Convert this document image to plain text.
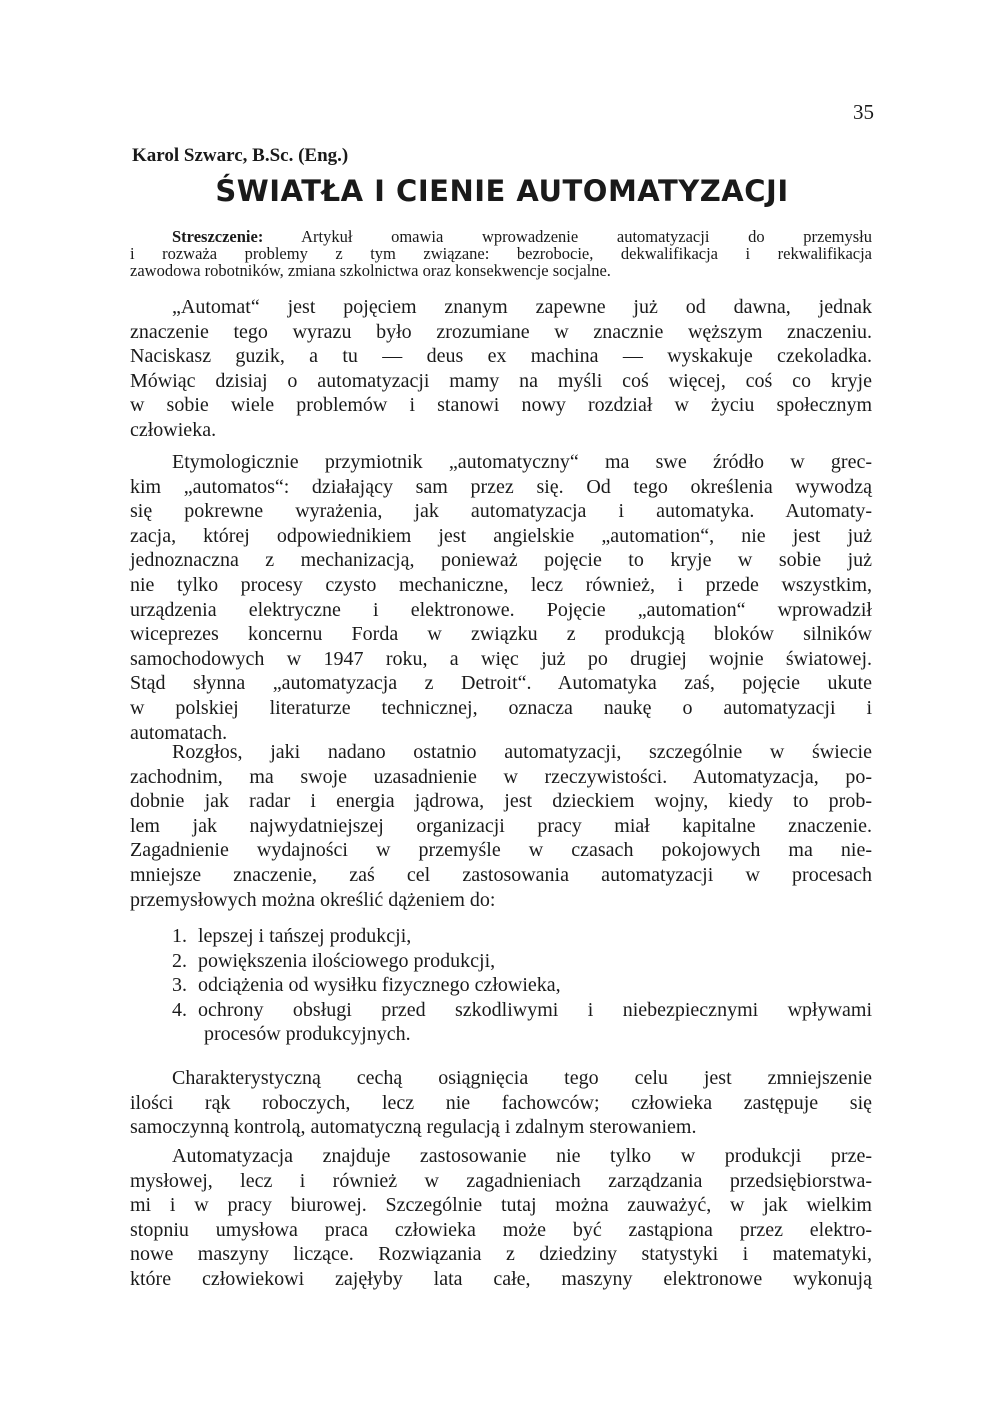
35
Karol Szwarc, B.Sc. (Eng.)
ŚWIATŁA I CIENIE AUTOMATYZACJI
Streszczenie: Artykuł omawia wprowadzenie automatyzacji do przemysłu
i rozważa problemy z tym związane: bezrobocie, dekwalifikacja i rekwalifikacja
zawodowa robotników, zmiana szkolnictwa oraz konsekwencje socjalne.
„Automat“ jest pojęciem znanym zapewne już od dawna, jednak
znaczenie tego wyrazu było zrozumiane w znacznie węższym znaczeniu.
Naciskasz guzik, a tu — deus ex machina — wyskakuje czekoladka.
Mówiąc dzisiaj o automatyzacji mamy na myśli coś więcej, coś co kryje
w sobie wiele problemów i stanowi nowy rozdział w życiu społecznym
człowieka.
Etymologicznie przymiotnik „automatyczny“ ma swe źródło w grec-
kim „automatos“: działający sam przez się. Od tego określenia wywodzą
się pokrewne wyrażenia, jak automatyzacja i automatyka. Automaty-
zacja, której odpowiednikiem jest angielskie „automation“, nie jest już
jednoznaczna z mechanizacją, ponieważ pojęcie to kryje w sobie już
nie tylko procesy czysto mechaniczne, lecz również, i przede wszystkim,
urządzenia elektryczne i elektronowe. Pojęcie „automation“ wprowadził
wiceprezes koncernu Forda w związku z produkcją bloków silników
samochodowych w 1947 roku, a więc już po drugiej wojnie światowej.
Stąd słynna „automatyzacja z Detroit“. Automatyka zaś, pojęcie ukute
w polskiej literaturze technicznej, oznacza naukę o automatyzacji i
automatach.
Rozgłos, jaki nadano ostatnio automatyzacji, szczególnie w świecie
zachodnim, ma swoje uzasadnienie w rzeczywistości. Automatyzacja, po-
dobnie jak radar i energia jądrowa, jest dzieckiem wojny, kiedy to prob-
lem jak najwydatniejszej organizacji pracy miał kapitalne znaczenie.
Zagadnienie wydajności w przemyśle w czasach pokojowych ma nie-
mniejsze znaczenie, zaś cel zastosowania automatyzacji w procesach
przemysłowych można określić dążeniem do:
1. lepszej i tańszej produkcji,
2. powiększenia ilościowego produkcji,
3. odciążenia od wysiłku fizycznego człowieka,
4. ochrony obsługi przed szkodliwymi i niebezpiecznymi wpływami
procesów produkcyjnych.
Charakterystyczną cechą osiągnięcia tego celu jest zmniejszenie
ilości rąk roboczych, lecz nie fachowców; człowieka zastępuje się
samoczynną kontrolą, automatyczną regulacją i zdalnym sterowaniem.
Automatyzacja znajduje zastosowanie nie tylko w produkcji prze-
mysłowej, lecz i również w zagadnieniach zarządzania przedsiębiorstwa-
mi i w pracy biurowej. Szczególnie tutaj można zauważyć, w jak wielkim
stopniu umysłowa praca człowieka może być zastąpiona przez elektro-
nowe maszyny liczące. Rozwiązania z dziedziny statystyki i matematyki,
które człowiekowi zajęłyby lata całe, maszyny elektronowe wykonują
